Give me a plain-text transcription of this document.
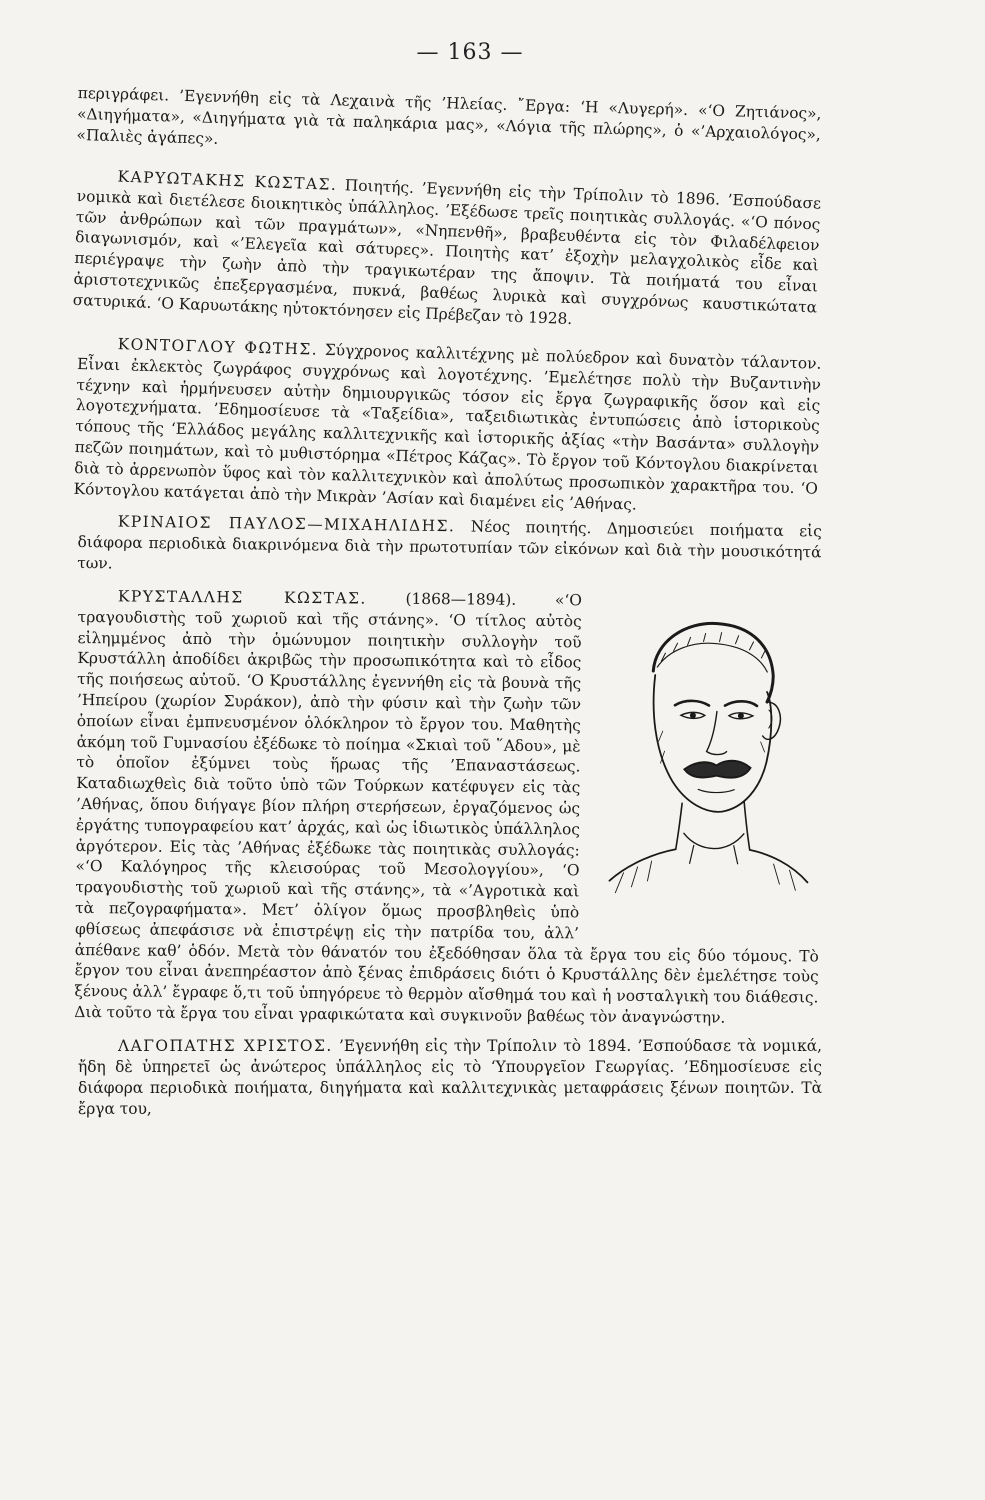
— 163 —

περιγράφει. ’Εγεννήθη εἰς τὰ Λεχαινὰ τῆς ’Ηλείας. ῎Εργα: ‘Η «Λυγερή». «‘Ο Ζητιάνος», «Διηγήματα», «Διηγήματα γιὰ τὰ παληκάρια μας», «Λόγια τῆς πλώρης», ὁ «’Αρχαιολόγος», «Παλιὲς ἀγάπες».

ΚΑΡΥΩΤΑΚΗΣ ΚΩΣΤΑΣ. Ποιητής. ’Εγεννήθη εἰς τὴν Τρίπολιν τὸ 1896. ’Εσπούδασε νομικὰ καὶ διετέλεσε διοικητικὸς ὑπάλληλος. ’Εξέδωσε τρεῖς ποιητικὰς συλλογάς. «‘Ο πόνος τῶν ἀνθρώπων καὶ τῶν πραγμάτων», «Νηπενθῆ», βραβευθέντα εἰς τὸν Φιλαδέλφειον διαγωνισμόν, καὶ «’Ελεγεῖα καὶ σάτυρες». Ποιητὴς κατ’ ἐξοχὴν μελαγχολικὸς εἶδε καὶ περιέγραψε τὴν ζωὴν ἀπὸ τὴν τραγικωτέραν της ἄποψιν. Τὰ ποιήματά του εἶναι ἀριστοτεχνικῶς ἐπεξεργασμένα, πυκνά, βαθέως λυρικὰ καὶ συγχρόνως καυστικώτατα σατυρικά. ‘Ο Καρυωτάκης ηὐτοκτόνησεν εἰς Πρέβεζαν τὸ 1928.

ΚΟΝΤΟΓΛΟΥ ΦΩΤΗΣ. Σύγχρονος καλλιτέχνης μὲ πολύεδρον καὶ δυνατὸν τάλαντον. Εἶναι ἐκλεκτὸς ζωγράφος συγχρόνως καὶ λογοτέχνης. ’Εμελέτησε πολὺ τὴν Βυζαντινὴν τέχνην καὶ ἡρμήνευσεν αὐτὴν δημιουργικῶς τόσον εἰς ἔργα ζωγραφικῆς ὅσον καὶ εἰς λογοτεχνήματα. ’Εδημοσίευσε τὰ «Ταξείδια», ταξειδιωτικὰς ἐντυπώσεις ἀπὸ ἱστορικοὺς τόπους τῆς ‘Ελλάδος μεγάλης καλλιτεχνικῆς καὶ ἱστορικῆς ἀξίας «τὴν Βασάντα» συλλογὴν πεζῶν ποιημάτων, καὶ τὸ μυθιστόρημα «Πέτρος Κάζας». Τὸ ἔργον τοῦ Κόντογλου διακρίνεται διὰ τὸ ἀρρενωπὸν ὕφος καὶ τὸν καλλιτεχνικὸν καὶ ἀπολύτως προσωπικὸν χαρακτῆρα του. ‘Ο Κόντογλου κατάγεται ἀπὸ τὴν Μικρὰν ’Ασίαν καὶ διαμένει εἰς ’Αθήνας.

ΚΡΙΝΑΙΟΣ ΠΑΥΛΟΣ—ΜΙΧΑΗΛΙΔΗΣ. Νέος ποιητής. Δημοσιεύει ποιήματα εἰς διάφορα περιοδικὰ διακρινόμενα διὰ τὴν πρωτοτυπίαν τῶν εἰκόνων καὶ διὰ τὴν μουσικότητά των.

ΚΡΥΣΤΑΛΛΗΣ ΚΩΣΤΑΣ.	(1868—1894). «‘Ο τραγουδιστὴς τοῦ χωριοῦ καὶ τῆς στάνης». ‘Ο τίτλος αὐτὸς εἰλημμένος ἀπὸ τὴν ὁμώνυμον ποιητικὴν συλλογὴν τοῦ Κρυστάλλη ἀποδίδει ἀκριβῶς τὴν προσωπικότητα καὶ τὸ εἶδος τῆς ποιήσεως αὐτοῦ. ‘Ο Κρυστάλλης ἐγεννήθη εἰς τὰ βουνὰ τῆς ’Ηπείρου (χωρίον Συράκον), ἀπὸ τὴν φύσιν καὶ τὴν ζωὴν τῶν ὁποίων εἶναι ἐμπνευσμένον ὁλόκληρον τὸ ἔργον του. Μαθητὴς ἀκόμη τοῦ Γυμνασίου ἐξέδωκε τὸ ποίημα «Σκιαὶ τοῦ ῞Αδου», μὲ τὸ ὁποῖον ἐξύμνει τοὺς ἥρωας τῆς ’Επαναστάσεως. Καταδιωχθεὶς διὰ τοῦτο ὑπὸ τῶν Τούρκων κατέφυγεν εἰς τὰς ’Αθήνας, ὅπου διήγαγε βίον πλήρη στερήσεων, ἐργαζόμενος ὡς ἐργάτης τυπογραφείου κατ’ ἀρχάς, καὶ ὡς ἰδιωτικὸς ὑπάλληλος ἀργότερον. Εἰς τὰς ’Αθήνας ἐξέδωκε τὰς ποιητικὰς συλλογάς: «‘Ο Καλόγηρος τῆς κλεισούρας τοῦ Μεσολογγίου», ‘Ο τραγουδιστὴς τοῦ χωριοῦ καὶ τῆς στάνης», τὰ «’Αγροτικὰ καὶ τὰ πεζογραφήματα». Μετ’ ὀλίγον ὅμως προσβληθεὶς ὑπὸ φθίσεως ἀπεφάσισε νὰ ἐπιστρέψῃ εἰς τὴν πατρίδα του, ἀλλ’ ἀπέθανε καθ’ ὁδόν. Μετὰ τὸν θάνατόν του ἐξεδόθησαν ὅλα τὰ ἔργα του εἰς δύο τόμους. Τὸ ἔργον του εἶναι ἀνεπηρέαστον ἀπὸ ξένας ἐπιδράσεις διότι ὁ Κρυστάλλης δὲν ἐμελέτησε τοὺς ξένους ἀλλ’ ἔγραφε ὅ,τι τοῦ ὑπηγόρευε τὸ θερμὸν αἴσθημά του καὶ ἡ νοσταλγικὴ του διάθεσις. Διὰ τοῦτο τὰ ἔργα του εἶναι γραφικώτατα καὶ συγκινοῦν βαθέως τὸν ἀναγνώστην.

ΛΑΓΟΠΑΤΗΣ ΧΡΙΣΤΟΣ. ’Εγεννήθη εἰς τὴν Τρίπολιν τὸ 1894. ’Εσπούδασε τὰ νομικά, ἤδη δὲ ὑπηρετεῖ ὡς ἀνώτερος ὑπάλληλος εἰς τὸ ‘Υπουργεῖον Γεωργίας. ’Εδημοσίευσε εἰς διάφορα περιοδικὰ ποιήματα, διηγήματα καὶ καλλιτεχνικὰς μεταφράσεις ξένων ποιητῶν. Τὰ ἔργα του,
